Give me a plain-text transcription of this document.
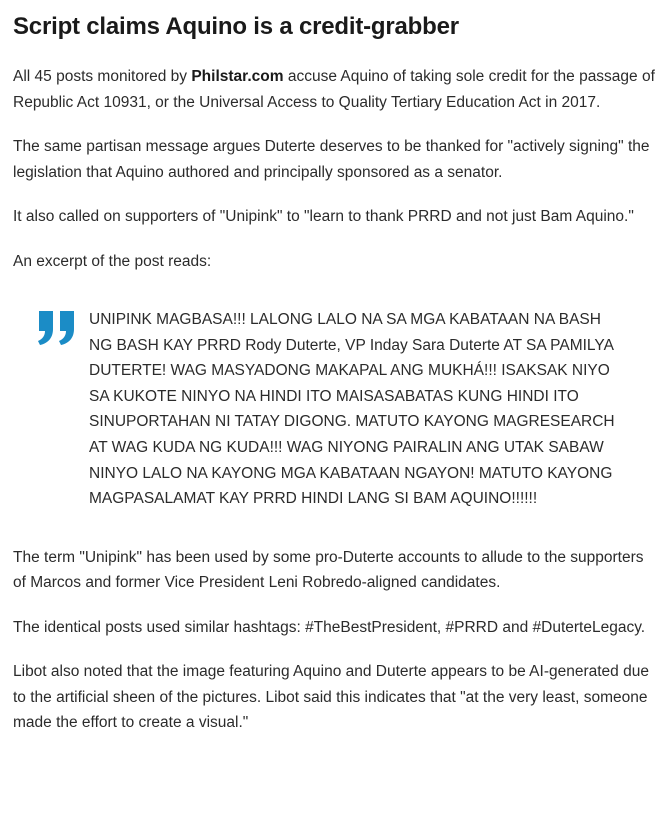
Script claims Aquino is a credit-grabber

All 45 posts monitored by Philstar.com accuse Aquino of taking sole credit for the passage of Republic Act 10931, or the Universal Access to Quality Tertiary Education Act in 2017.

The same partisan message argues Duterte deserves to be thanked for "actively signing" the legislation that Aquino authored and principally sponsored as a senator.

It also called on supporters of "Unipink" to "learn to thank PRRD and not just Bam Aquino."

An excerpt of the post reads:

UNIPINK MAGBASA!!! LALONG LALO NA SA MGA KABATAAN NA BASH NG BASH KAY PRRD Rody Duterte, VP Inday Sara Duterte AT SA PAMILYA DUTERTE! WAG MASYADONG MAKAPAL ANG MUKHÁ!!! ISAKSAK NIYO SA KUKOTE NINYO NA HINDI ITO MAISASABATAS KUNG HINDI ITO SINUPORTAHAN NI TATAY DIGONG. MATUTO KAYONG MAGRESEARCH AT WAG KUDA NG KUDA!!! WAG NIYONG PAIRALIN ANG UTAK SABAW NINYO LALO NA KAYONG MGA KABATAAN NGAYON! MATUTO KAYONG MAGPASALAMAT KAY PRRD HINDI LANG SI BAM AQUINO!!!!!!

The term "Unipink" has been used by some pro-Duterte accounts to allude to the supporters of Marcos and former Vice President Leni Robredo-aligned candidates.

The identical posts used similar hashtags: #TheBestPresident, #PRRD and #DuterteLegacy.

Libot also noted that the image featuring Aquino and Duterte appears to be AI-generated due to the artificial sheen of the pictures. Libot said this indicates that "at the very least, someone made the effort to create a visual."
